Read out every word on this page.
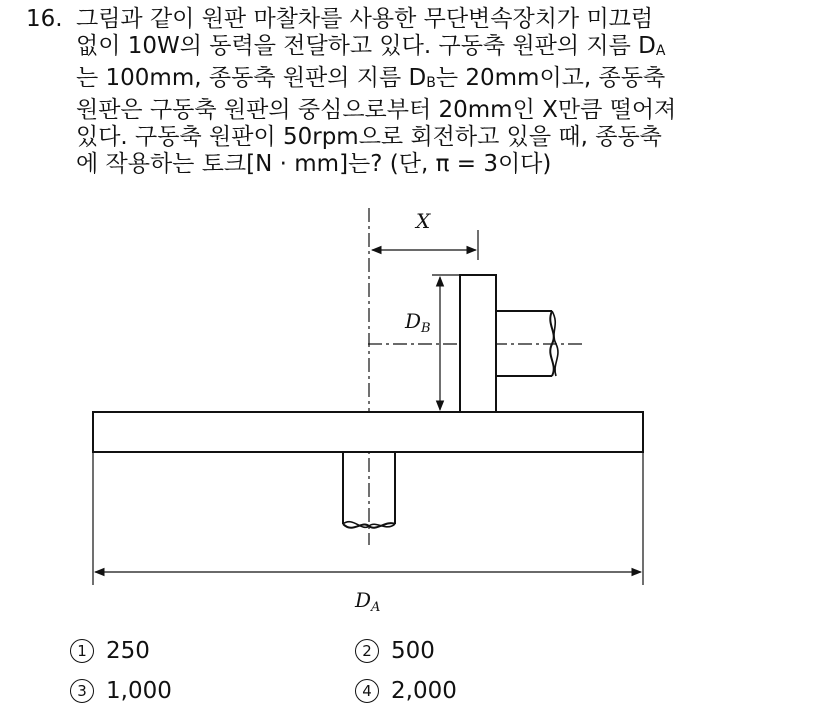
16. 그림과 같이 원판 마찰차를 사용한 무단변속장치가 미끄럼
없이 10W의 동력을 전달하고 있다. 구동축 원판의 지름 DA
는 100mm, 종동축 원판의 지름 DB는 20mm이고, 종동축
원판은 구동축 원판의 중심으로부터 20mm인 X만큼 떨어져
있다. 구동축 원판이 50rpm으로 회전하고 있을 때, 종동축
에 작용하는 토크[N · mm]는? (단, π = 3이다)
X
$D_B$
$D_A$
1 250	2 500
3 1,000	4 2,000
